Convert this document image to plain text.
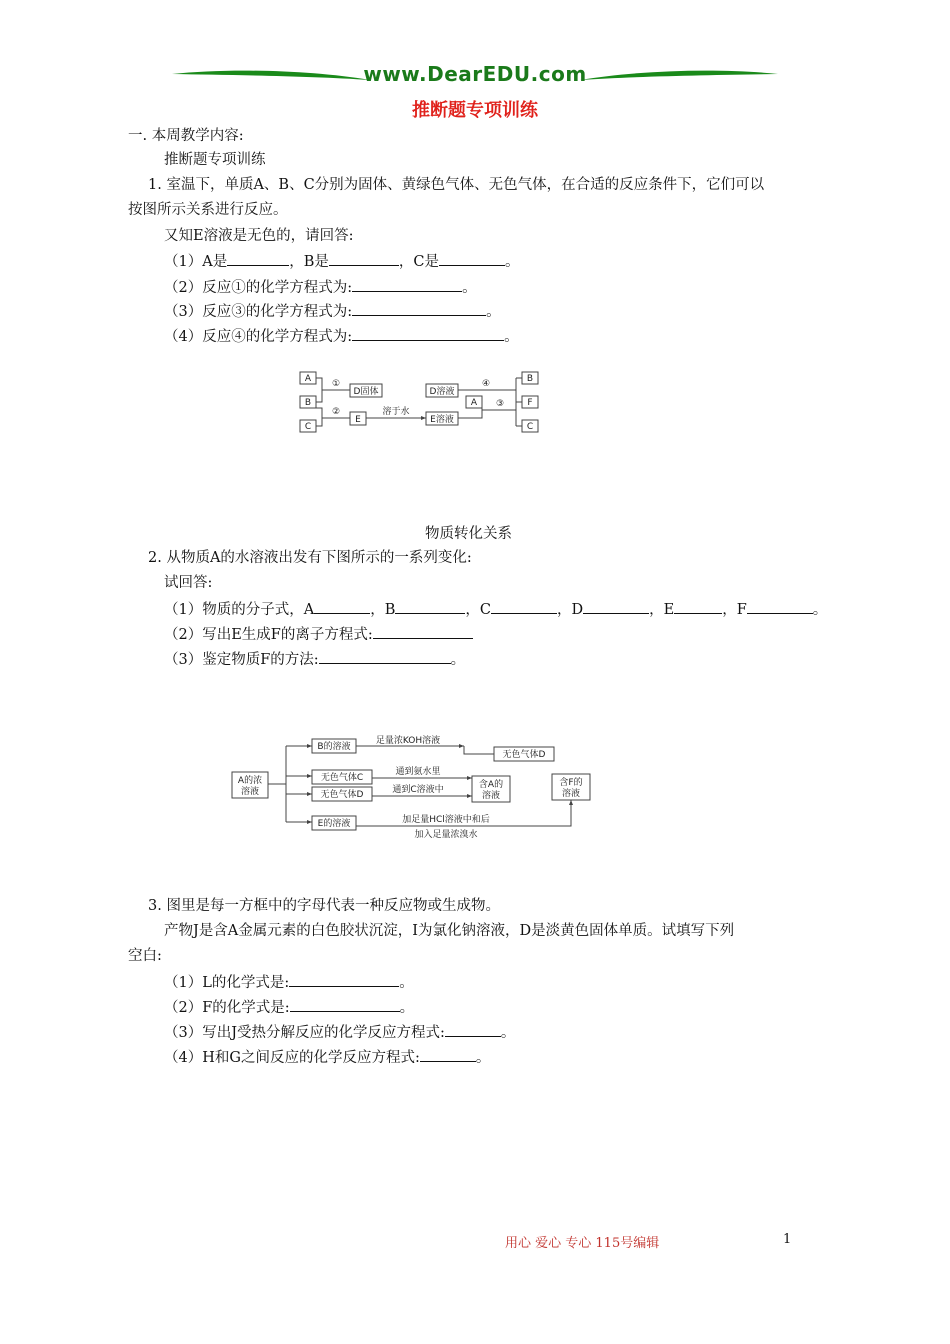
www.DearEDU.com
推断题专项训练
一. 本周教学内容:
推断题专项训练
1. 室温下，单质A、B、C分别为固体、黄绿色气体、无色气体，在合适的反应条件下，它们可以
按图所示关系进行反应。
又知E溶液是无色的，请回答:
（1）A是	，B是	，C是	。
（2）反应①的化学方程式为:	。
（3）反应③的化学方程式为:	。
（4）反应④的化学方程式为:	。
A
B
C
①
②
D固体
E
溶于水
E溶液
D溶液
A ③
④	B
F
C
物质转化关系
2. 从物质A的水溶液出发有下图所示的一系列变化:
试回答:
（1）物质的分子式，A	，B	，C	，D	，E	，F	。
（2）写出E生成F的离子方程式:
（3）鉴定物质F的方法:	。
A的浓
溶液
B的溶液
无色气体C
无色气体D
E的溶液
足量浓KOH溶液
无色气体D
通到氨水里
通到C溶液中	含A的
溶液
含F的
溶液
加足量HCl溶液中和后
加入足量浓溴水
3. 图里是每一方框中的字母代表一种反应物或生成物。
产物J是含A金属元素的白色胶状沉淀，I为氯化钠溶液，D是淡黄色固体单质。试填写下列
空白:
（1）L的化学式是:	。
（2）F的化学式是:	。
（3）写出J受热分解反应的化学反应方程式:	。
（4）H和G之间反应的化学反应方程式:	。
用心 爱心 专心 115号编辑	1
